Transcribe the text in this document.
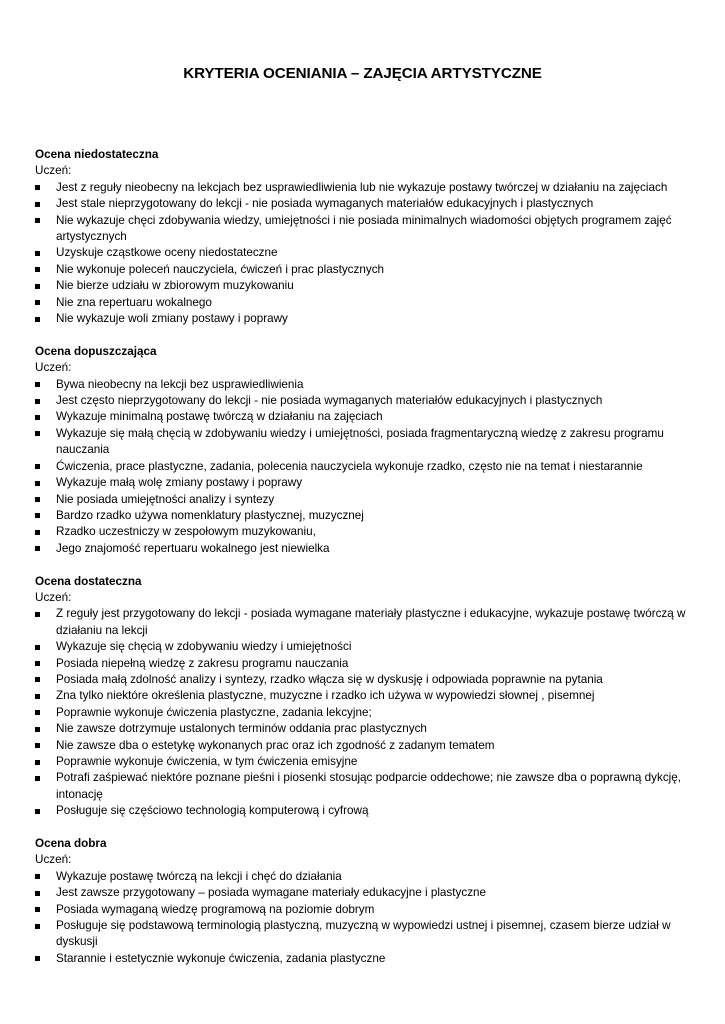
KRYTERIA OCENIANIA – ZAJĘCIA ARTYSTYCZNE
Ocena niedostateczna
Uczeń:
Jest z reguły nieobecny na lekcjach bez usprawiedliwienia lub nie wykazuje postawy twórczej w działaniu na zajęciach
Jest stale nieprzygotowany do lekcji - nie posiada wymaganych materiałów edukacyjnych i plastycznych
Nie wykazuje chęci zdobywania wiedzy, umiejętności i nie posiada minimalnych wiadomości objętych programem zajęć artystycznych
Uzyskuje cząstkowe oceny niedostateczne
Nie wykonuje poleceń nauczyciela, ćwiczeń i prac plastycznych
Nie bierze udziału w zbiorowym muzykowaniu
Nie zna repertuaru wokalnego
Nie wykazuje woli zmiany postawy i poprawy
Ocena dopuszczająca
Uczeń:
Bywa nieobecny na lekcji bez usprawiedliwienia
Jest często nieprzygotowany do lekcji - nie posiada wymaganych materiałów edukacyjnych i plastycznych
Wykazuje minimalną postawę twórczą w działaniu na zajęciach
Wykazuje się małą chęcią w zdobywaniu wiedzy i umiejętności, posiada fragmentaryczną wiedzę z zakresu programu nauczania
Ćwiczenia, prace plastyczne, zadania, polecenia nauczyciela wykonuje rzadko, często nie na temat i niestarannie
Wykazuje małą wolę zmiany postawy i poprawy
Nie posiada umiejętności analizy i syntezy
Bardzo rzadko używa nomenklatury plastycznej, muzycznej
Rzadko uczestniczy w zespołowym muzykowaniu,
Jego znajomość repertuaru wokalnego jest niewielka
Ocena dostateczna
Uczeń:
Z reguły jest przygotowany do lekcji - posiada wymagane materiały plastyczne i edukacyjne, wykazuje postawę twórczą w działaniu na lekcji
Wykazuje się chęcią w zdobywaniu wiedzy i umiejętności
Posiada niepełną wiedzę z zakresu programu nauczania
Posiada małą zdolność analizy i syntezy, rzadko włącza się w dyskusję i odpowiada poprawnie na pytania
Zna tylko niektóre określenia plastyczne, muzyczne i rzadko ich używa w wypowiedzi słownej , pisemnej
Poprawnie wykonuje ćwiczenia plastyczne, zadania lekcyjne;
Nie zawsze dotrzymuje ustalonych terminów oddania prac plastycznych
Nie zawsze dba o estetykę wykonanych prac oraz ich zgodność z zadanym tematem
Poprawnie wykonuje ćwiczenia, w tym ćwiczenia emisyjne
Potrafi zaśpiewać niektóre poznane pieśni i piosenki stosując podparcie oddechowe; nie zawsze dba o poprawną dykcję, intonację
Posługuje się częściowo technologią komputerową i cyfrową
Ocena dobra
Uczeń:
Wykazuje postawę twórczą na lekcji i chęć do działania
Jest zawsze przygotowany – posiada wymagane materiały edukacyjne i plastyczne
Posiada wymaganą wiedzę programową na poziomie dobrym
Posługuje się podstawową terminologią plastyczną, muzyczną w wypowiedzi ustnej i pisemnej, czasem bierze udział w dyskusji
Starannie i estetycznie wykonuje ćwiczenia, zadania plastyczne
